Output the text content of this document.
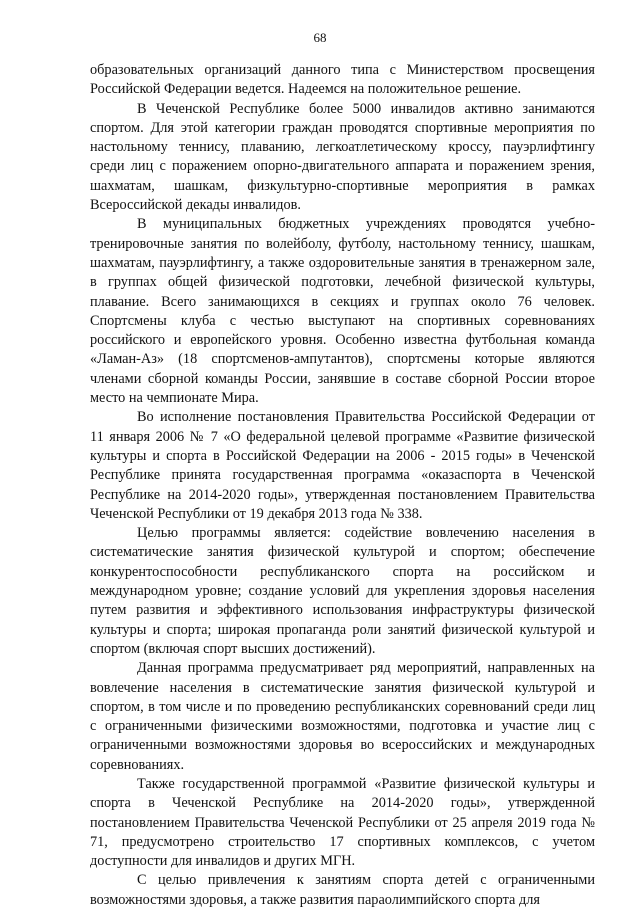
68

образовательных организаций данного типа с Министерством просвещения Российской Федерации ведется. Надеемся на положительное решение.

В Чеченской Республике более 5000 инвалидов активно занимаются спортом. Для этой категории граждан проводятся спортивные мероприятия по настольному теннису, плаванию, легкоатлетическому кроссу, пауэрлифтингу среди лиц с поражением опорно-двигательного аппарата и поражением зрения, шахматам, шашкам, физкультурно-спортивные мероприятия в рамках Всероссийской декады инвалидов.

В муниципальных бюджетных учреждениях проводятся учебно-тренировочные занятия по волейболу, футболу, настольному теннису, шашкам, шахматам, пауэрлифтингу, а также оздоровительные занятия в тренажерном зале, в группах общей физической подготовки, лечебной физической культуры, плавание. Всего занимающихся в секциях и группах около 76 человек. Спортсмены клуба с честью выступают на спортивных соревнованиях российского и европейского уровня. Особенно известна футбольная команда «Ламан-Аз» (18 спортсменов-ампутантов), спортсмены которые являются членами сборной команды России, занявшие в составе сборной России второе место на чемпионате Мира.

Во исполнение постановления Правительства Российской Федерации от 11 января 2006 № 7 «О федеральной целевой программе «Развитие физической культуры и спорта в Российской Федерации на 2006 - 2015 годы» в Чеченской Республике принята государственная программа «оказаспорта в Чеченской Республике на 2014-2020 годы», утвержденная постановлением Правительства Чеченской Республики от 19 декабря 2013 года № 338.

Целью программы является: содействие вовлечению населения в систематические занятия физической культурой и спортом; обеспечение конкурентоспособности республиканского спорта на российском и международном уровне; создание условий для укрепления здоровья населения путем развития и эффективного использования инфраструктуры физической культуры и спорта; широкая пропаганда роли занятий физической культурой и спортом (включая спорт высших достижений).

Данная программа предусматривает ряд мероприятий, направленных на вовлечение населения в систематические занятия физической культурой и спортом, в том числе и по проведению республиканских соревнований среди лиц с ограниченными физическими возможностями, подготовка и участие лиц с ограниченными возможностями здоровья во всероссийских и международных соревнованиях.

Также государственной программой «Развитие физической культуры и спорта в Чеченской Республике на 2014-2020 годы», утвержденной постановлением Правительства Чеченской Республики от 25 апреля 2019 года № 71, предусмотрено строительство 17 спортивных комплексов, с учетом доступности для инвалидов и других МГН.

С целью привлечения к занятиям спорта детей с ограниченными возможностями здоровья, а также развития параолимпийского спорта для
